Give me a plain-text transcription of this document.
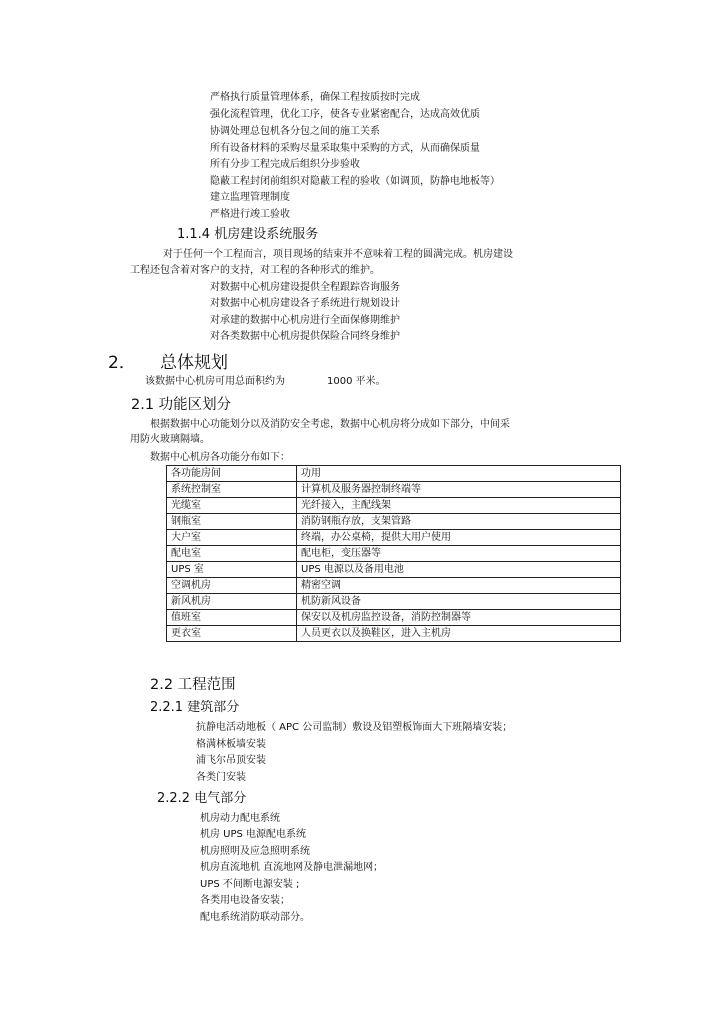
严格执行质量管理体系，确保工程按质按时完成
强化流程管理，优化工序，使各专业紧密配合，达成高效优质
协调处理总包机各分包之间的施工关系
所有设备材料的采购尽量采取集中采购的方式，从而确保质量
所有分步工程完成后组织分步验收
隐蔽工程封闭前组织对隐蔽工程的验收（如调顶，防静电地板等）
建立监理管理制度
严格进行竣工验收
1.1.4 机房建设系统服务
对于任何一个工程而言，项目现场的结束并不意味着工程的圆满完成。机房建设
工程还包含着对客户的支持，对工程的各种形式的维护。
对数据中心机房建设提供全程跟踪咨询服务
对数据中心机房建设各子系统进行规划设计
对承建的数据中心机房进行全面保修期维护
对各类数据中心机房提供保险合同终身维护
2． 总体规划
该数据中心机房可用总面积约为	1000 平米。
2.1 功能区划分
根据数据中心功能划分以及消防安全考虑，数据中心机房将分成如下部分，中间采
用防火玻璃隔墙。
数据中心机房各功能分布如下：
各功能房间	功用
系统控制室	计算机及服务器控制终端等
光缆室	光纤接入，主配线架
钢瓶室	消防钢瓶存放，支架管路
大户室	终端，办公桌椅，提供大用户使用
配电室	配电柜，变压器等
UPS 室	UPS 电源以及备用电池
空调机房	精密空调
新风机房	机防新风设备
值班室	保安以及机房监控设备，消防控制器等
更衣室	人员更衣以及换鞋区，进入主机房
2.2 工程范围
2.2.1 建筑部分
抗静电活动地板（ APC 公司监制）敷设及铝塑板饰面大下班隔墙安装；
格满林板墙安装
浦飞尔吊顶安装
各类门安装
2.2.2 电气部分
机房动力配电系统
机房 UPS 电源配电系统
机房照明及应急照明系统
机房直流地机 直流地网及静电泄漏地网；
UPS 不间断电源安装 ;
各类用电设备安装；
配电系统消防联动部分。
